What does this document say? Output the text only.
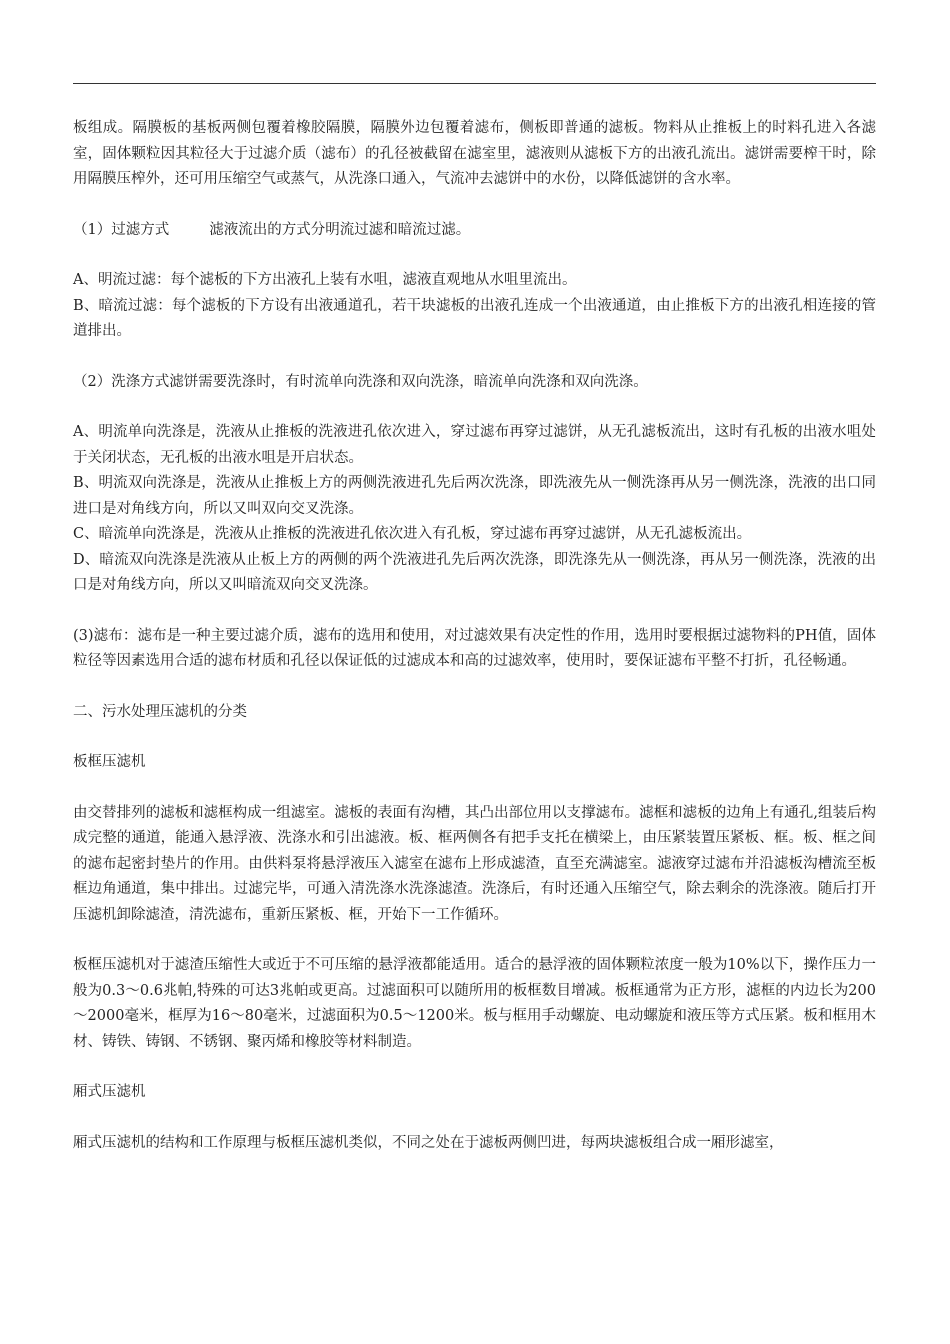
板组成。隔膜板的基板两侧包覆着橡胶隔膜，隔膜外边包覆着滤布，侧板即普通的滤板。物料从止推板上的时料孔进入各滤室，固体颗粒因其粒径大于过滤介质（滤布）的孔径被截留在滤室里，滤液则从滤板下方的出液孔流出。滤饼需要榨干时，除用隔膜压榨外，还可用压缩空气或蒸气，从洗涤口通入，气流冲去滤饼中的水份，以降低滤饼的含水率。

（1）过滤方式	滤液流出的方式分明流过滤和暗流过滤。

A、明流过滤：每个滤板的下方出液孔上装有水咀，滤液直观地从水咀里流出。

B、暗流过滤：每个滤板的下方设有出液通道孔，若干块滤板的出液孔连成一个出液通道，由止推板下方的出液孔相连接的管道排出。

（2）洗涤方式滤饼需要洗涤时，有时流单向洗涤和双向洗涤，暗流单向洗涤和双向洗涤。

A、明流单向洗涤是，洗液从止推板的洗液进孔依次进入，穿过滤布再穿过滤饼，从无孔滤板流出，这时有孔板的出液水咀处于关闭状态，无孔板的出液水咀是开启状态。

B、明流双向洗涤是，洗液从止推板上方的两侧洗液进孔先后两次洗涤，即洗液先从一侧洗涤再从另一侧洗涤，洗液的出口同进口是对角线方向，所以又叫双向交叉洗涤。

C、暗流单向洗涤是，洗液从止推板的洗液进孔依次进入有孔板，穿过滤布再穿过滤饼，从无孔滤板流出。

D、暗流双向洗涤是洗液从止板上方的两侧的两个洗液进孔先后两次洗涤，即洗涤先从一侧洗涤，再从另一侧洗涤，洗液的出口是对角线方向，所以又叫暗流双向交叉洗涤。

(3)滤布：滤布是一种主要过滤介质，滤布的选用和使用，对过滤效果有决定性的作用，选用时要根据过滤物料的PH值，固体粒径等因素选用合适的滤布材质和孔径以保证低的过滤成本和高的过滤效率，使用时，要保证滤布平整不打折，孔径畅通。

二、污水处理压滤机的分类

板框压滤机

由交替排列的滤板和滤框构成一组滤室。滤板的表面有沟槽，其凸出部位用以支撑滤布。滤框和滤板的边角上有通孔,组装后构成完整的通道，能通入悬浮液、洗涤水和引出滤液。板、框两侧各有把手支托在横梁上，由压紧装置压紧板、框。板、框之间的滤布起密封垫片的作用。由供料泵将悬浮液压入滤室在滤布上形成滤渣，直至充满滤室。滤液穿过滤布并沿滤板沟槽流至板框边角通道，集中排出。过滤完毕，可通入清洗涤水洗涤滤渣。洗涤后，有时还通入压缩空气，除去剩余的洗涤液。随后打开压滤机卸除滤渣，清洗滤布，重新压紧板、框，开始下一工作循环。

板框压滤机对于滤渣压缩性大或近于不可压缩的悬浮液都能适用。适合的悬浮液的固体颗粒浓度一般为10%以下，操作压力一般为0.3～0.6兆帕,特殊的可达3兆帕或更高。过滤面积可以随所用的板框数目增减。板框通常为正方形，滤框的内边长为200～2000毫米，框厚为16～80毫米，过滤面积为0.5～1200米。板与框用手动螺旋、电动螺旋和液压等方式压紧。板和框用木材、铸铁、铸钢、不锈钢、聚丙烯和橡胶等材料制造。

厢式压滤机

厢式压滤机的结构和工作原理与板框压滤机类似，不同之处在于滤板两侧凹进，每两块滤板组合成一厢形滤室，
